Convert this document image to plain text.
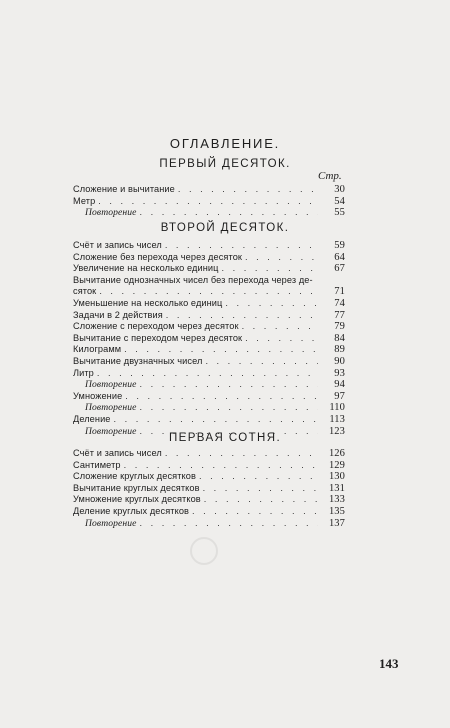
ОГЛАВЛЕНИЕ.
ПЕРВЫЙ ДЕСЯТОК.
Стр.
Сложение и вычитание . . .	30
Метр . . .	54
Повторение . . .	55
ВТОРОЙ ДЕСЯТОК.
Счёт и запись чисел . . .	59
Сложение без перехода через десяток . . .	64
Увеличение на несколько единиц . . .	67
Вычитание однозначных чисел без перехода через де-
сяток . . .	71
Уменьшение на несколько единиц . . .	74
Задачи в 2 действия . . .	77
Сложение с переходом через десяток . . .	79
Вычитание с переходом через десяток . . .	84
Килограмм . . .	89
Вычитание двузначных чисел . . .	90
Литр . . .	93
Повторение . . .	94
Умножение . . .	97
Повторение . . .	110
Деление . . .	113
Повторение . . .	123
ПЕРВАЯ СОТНЯ.
Счёт и запись чисел . . .	126
Сантиметр . . .	129
Сложение круглых десятков . . .	130
Вычитание круглых десятков . . .	131
Умножение круглых десятков . . .	133
Деление круглых десятков . . .	135
Повторение . . .	137
143
